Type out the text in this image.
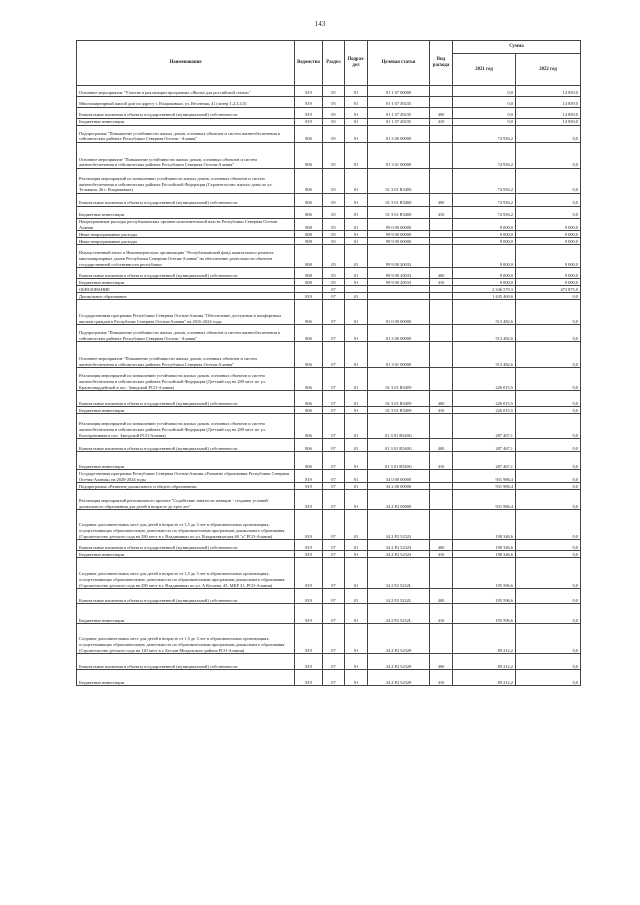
143
Наименование	Ведомство	Раздел	Подраз-дел	Целевая статья	Вид расхода	Сумма	
						2021 год	2022 год
Основное мероприятие "Участие в реализации программы «Жилье для российской семьи»"	819	05	01	01 1 07 00000		0,0	14 839,0
Многоквартирный жилой дом по адресу г. Владикавказ, ул. Весенняя, 41 (литер 1,2,3,4,5)	819	05	01	01 1 07 49235		0,0	14 839,0
Капитальные вложения в объекты государственной (муниципальной) собственности	819	05	01	01 1 07 49235	400	0,0	14 839,0
Бюджетные инвестиции	819	05	01	01 1 07 49235	410	0,0	14 839,0
Подпрограмма "Повышение устойчивости жилых домов, основных объектов и систем жизнеобеспечения в сейсмических районах Республики Северная Осетия - Алания"	806	05	01	01 3 00 00000		74 936,2	0,0
Основное мероприятие "Повышение устойчивости жилых домов, основных объектов и систем жизнеобеспечения в сейсмических районах Республики Северная Осетия-Алания"	806	05	01	01 3 01 00000		74 936,2	0,0
Реализация мероприятий по повышению устойчивости жилых домов, основных объектов и систем жизнеобеспечения в сейсмических районах Российской Федерации (Строительство жилого дома по ул. Тельмана, 26 г. Владикавказ)	806	05	01	01 3 01 R5400		74 936,2	0,0
Капитальные вложения в объекты государственной (муниципальной) собственности	806	05	01	01 3 01 R5400	400	74 936,2	0,0
Бюджетные инвестиции	806	05	01	01 3 01 R5400	410	74 936,2	0,0
Непрограммные расходы республиканских органов исполнительной власти Республики Северная Осетия-Алания	808	05	01	99 0 00 00000		9 000,0	9 000,0
Иные непрограммные расходы	808	05	01	99 9 00 00000		9 000,0	9 000,0
Иные непрограммные расходы	808	05	01	99 9 00 00000		9 000,0	9 000,0
Имущественный взнос в Некоммерческую организацию "Республиканский фонд капитального ремонта многоквартирных домов Республики Северная Осетия-Алания" на обеспечение деятельности объектов государственной собственности республики	808	05	01	99 9 00 20033		9 000,0	9 000,0
Капитальные вложения в объекты государственной (муниципальной) собственности	808	05	01	99 9 00 20033	400	9 000,0	9 000,0
Бюджетные инвестиции	808	05	01	99 9 00 20033	410	9 000,0	9 000,0
ОБРАЗОВАНИЕ		07				2 346 579,3	473 875,0
Дошкольное образование	819	07	01			1 445 469,6	0,0
Государственная программа Республики Северная Осетия-Алания "Обеспечение доступным и комфортным жильем граждан в Республике Северная Осетия-Алания" на 2016-2024 годы	806	07	01	01 0 00 00000		513 482,6	0,0
Подпрограмма "Повышение устойчивости жилых домов, основных объектов и систем жизнеобеспечения в сейсмических районах Республики Северная Осетия - Алания"	806	07	01	01 3 00 00000		513 482,6	0,0
Основное мероприятие "Повышение устойчивости жилых домов, основных объектов и систем жизнеобеспечения в сейсмических районах Республики Северная Осетия-Алания"	806	07	01	01 3 01 00000		513 482,6	0,0
Реализация мероприятий по повышению устойчивости жилых домов, основных объектов и систем жизнеобеспечения в сейсмических районах Российской Федерации (Детский сад на 280 мест по ул. Красногвардейской в пос. Заводской РСО-Алания)	806	07	01	01 3 01 R5409		226 015,5	0,0
Капитальные вложения в объекты государственной (муниципальной) собственности	806	07	01	01 3 01 R5409	400	226 015,5	0,0
Бюджетные инвестиции	806	07	01	01 3 01 R5409	410	226 015,5	0,0
Реализация мероприятий по повышению устойчивости жилых домов, основных объектов и систем жизнеобеспечения в сейсмических районах Российской Федерации (Детский сад на 280 мест по ул. Кооперативная в пос. Заводской РСО-Алания)	806	07	01	01 3 01 R540G		287 467,1	0,0
Капитальные вложения в объекты государственной (муниципальной) собственности	806	07	01	01 3 01 R540G	400	287 467,1	0,0
Бюджетные инвестиции	806	07	01	01 3 01 R540G	410	287 467,1	0,0
Государственная программа Республики Северная Осетия-Алания «Развитие образования Республики Северная Осетия-Алания» на 2020-2024 годы	819	07	01	34 0 00 00000		931 986,4	0,0
Подпрограмма «Развитие дошкольного и общего образования»	819	07	01	34 2 00 00000		931 986,4	0,0
Реализация мероприятий регионального проекта "Содействие занятости женщин - создание условий дошкольного образования для детей в возрасте до трех лет"	819	07	01	34 2 P2 00000		931 986,4	0,0
Создание дополнительных мест для детей в возрасте от 1,5 до 3 лет в образовательных организациях, осуществляющих образовательную деятельность по образовательным программам дошкольного образования (Строительство детского сада на 280 мест в г. Владикавказ по ул. Владикавказская 68 "а" РСО-Алания)	819	07	01	34 2 P2 52323		198 346,6	0,0
Капитальные вложения в объекты государственной (муниципальной) собственности	819	07	01	34 2 P2 52323	400	198 346,6	0,0
Бюджетные инвестиции	819	07	01	34 2 P2 52323	410	198 346,6	0,0
Создание дополнительных мест для детей в возрасте от 1,5 до 3 лет в образовательных организациях, осуществляющих образовательную деятельность по образовательным программам дошкольного образования (Строительство детского сада на 280 мест в г. Владикавказ по ул. А.Кесаева, 45, МКР 31, РСО-Алания)	819	07	01	34 2 P2 5232L		195 596,6	0,0
Капитальные вложения в объекты государственной (муниципальной) собственности	819	07	01	34 2 P2 5232L	400	195 596,6	0,0
Бюджетные инвестиции	819	07	01	34 2 P2 5232L	410	195 596,6	0,0
Создание дополнительных мест для детей в возрасте от 1,5 до 3 лет в образовательных организациях, осуществляющих образовательную деятельность по образовательным программам дошкольного образования (Строительство детского сада на 120 мест в г. Беслан Моздокского района РСО-Алания)	819	07	01	34 2 P2 52329		89 212,2	0,0
Капитальные вложения в объекты государственной (муниципальной) собственности	819	07	01	34 2 P2 52329	400	89 212,2	0,0
Бюджетные инвестиции	819	07	01	34 2 P2 52329	410	89 212,2	0,0
